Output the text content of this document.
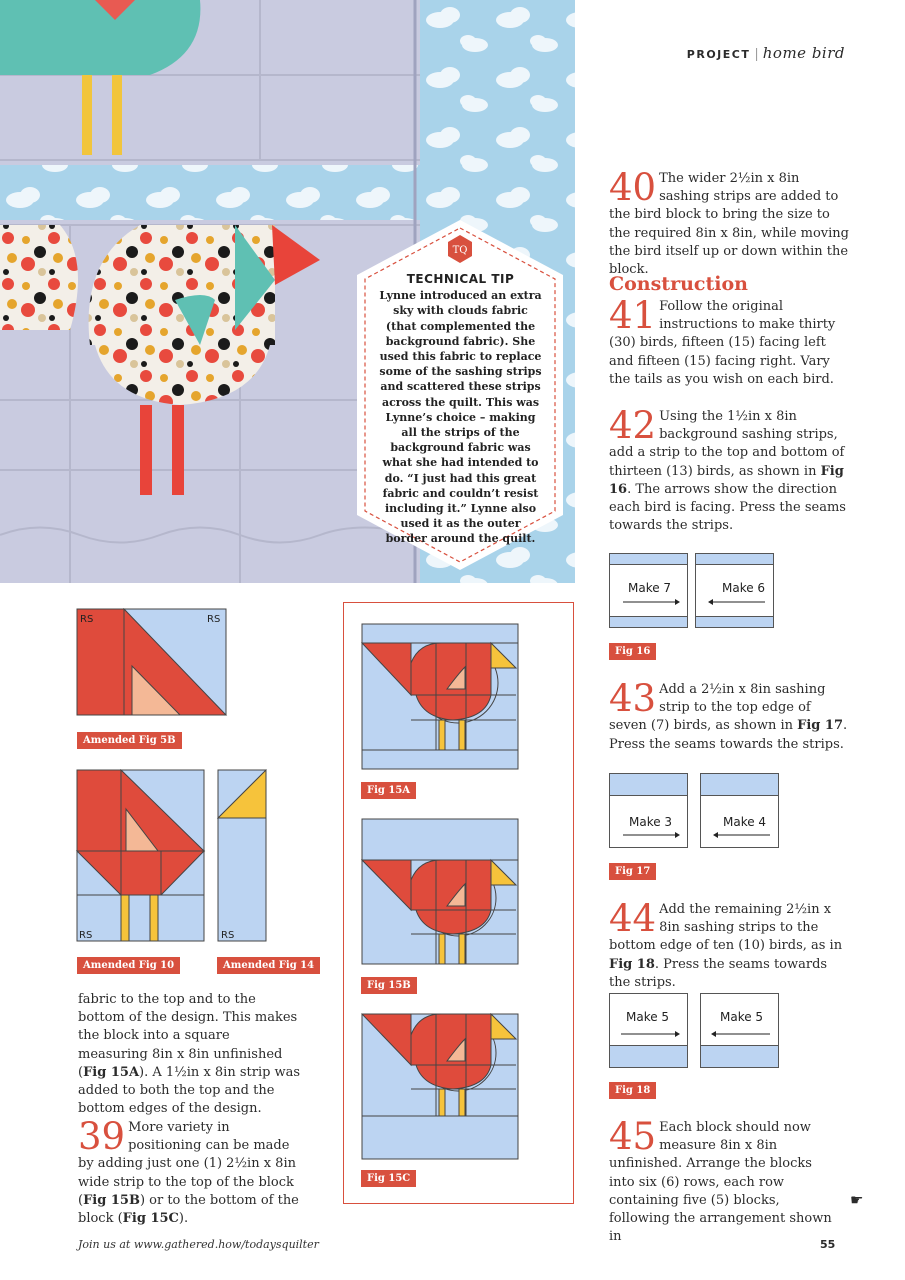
TQ
TECHNICAL TIP
Lynne introduced an extra sky with clouds fabric (that complemented the background fabric). She used this fabric to replace some of the sashing strips and scattered these strips across the quilt. This was Lynne’s choice – making all the strips of the background fabric was what she had intended to do. “I just had this great fabric and couldn’t resist including it.” Lynne also used it as the outer border around the quilt.
PROJECT | home bird
40 The wider 2½in x 8in sashing strips are added to the bird block to bring the size to the required 8in x 8in, while moving the bird itself up or down within the block.
Construction
41 Follow the original instructions to make thirty (30) birds, fifteen (15) facing left and fifteen (15) facing right. Vary the tails as you wish on each bird.
42 Using the 1½in x 8in background sashing strips, add a strip to the top and bottom of thirteen (13) birds, as shown in Fig 16. The arrows show the direction each bird is facing. Press the seams towards the strips.
Make 7	Make 6
Fig 16
43 Add a 2½in x 8in sashing strip to the top edge of seven (7) birds, as shown in Fig 17. Press the seams towards the strips.
Make 3	Make 4
Fig 17
44 Add the remaining 2½in x 8in sashing strips to the bottom edge of ten (10) birds, as in Fig 18. Press the seams towards the strips.
Make 5	Make 5
Fig 18
45 Each block should now measure 8in x 8in unfinished. Arrange the blocks into six (6) rows, each row containing five (5) blocks, following the arrangement shown in
☛
RS	RS
Amended Fig 5B
RS
Amended Fig 10
RS
Amended Fig 14
fabric to the top and to the bottom of the design. This makes the block into a square measuring 8in x 8in unfinished (Fig 15A). A 1½in x 8in strip was added to both the top and the bottom edges of the design.
39 More variety in positioning can be made by adding just one (1) 2½in x 8in wide strip to the top of the block (Fig 15B) or to the bottom of the block (Fig 15C).
Fig 15A
Fig 15B
Fig 15C
Join us at www.gathered.how/todaysquilter	55
